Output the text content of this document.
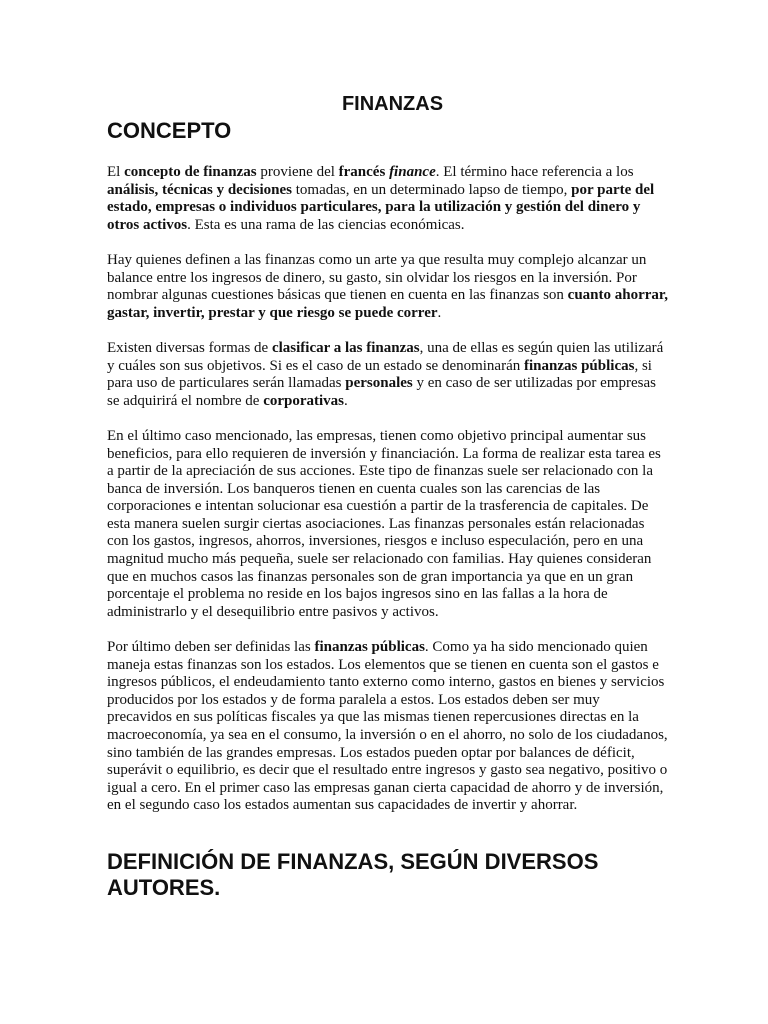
FINANZAS
CONCEPTO

El concepto de finanzas proviene del francés finance. El término hace referencia a los análisis, técnicas y decisiones tomadas, en un determinado lapso de tiempo, por parte del estado, empresas o individuos particulares, para la utilización y gestión del dinero y otros activos. Esta es una rama de las ciencias económicas.

Hay quienes definen a las finanzas como un arte ya que resulta muy complejo alcanzar un balance entre los ingresos de dinero, su gasto, sin olvidar los riesgos en la inversión. Por nombrar algunas cuestiones básicas que tienen en cuenta en las finanzas son cuanto ahorrar, gastar, invertir, prestar y que riesgo se puede correr.

Existen diversas formas de clasificar a las finanzas, una de ellas es según quien las utilizará y cuáles son sus objetivos. Si es el caso de un estado se denominarán finanzas públicas, si para uso de particulares serán llamadas personales y en caso de ser utilizadas por empresas se adquirirá el nombre de corporativas.

En el último caso mencionado, las empresas, tienen como objetivo principal aumentar sus beneficios, para ello requieren de inversión y financiación. La forma de realizar esta tarea es a partir de la apreciación de sus acciones. Este tipo de finanzas suele ser relacionado con la banca de inversión. Los banqueros tienen en cuenta cuales son las carencias de las corporaciones e intentan solucionar esa cuestión a partir de la trasferencia de capitales. De esta manera suelen surgir ciertas asociaciones. Las finanzas personales están relacionadas con los gastos, ingresos, ahorros, inversiones, riesgos e incluso especulación, pero en una magnitud mucho más pequeña, suele ser relacionado con familias. Hay quienes consideran que en muchos casos las finanzas personales son de gran importancia ya que en un gran porcentaje el problema no reside en los bajos ingresos sino en las fallas a la hora de administrarlo y el desequilibrio entre pasivos y activos.

Por último deben ser definidas las finanzas públicas. Como ya ha sido mencionado quien maneja estas finanzas son los estados. Los elementos que se tienen en cuenta son el gastos e ingresos públicos, el endeudamiento tanto externo como interno, gastos en bienes y servicios producidos por los estados y de forma paralela a estos. Los estados deben ser muy precavidos en sus políticas fiscales ya que las mismas tienen repercusiones directas en la macroeconomía, ya sea en el consumo, la inversión o en el ahorro, no solo de los ciudadanos, sino también de las grandes empresas. Los estados pueden optar por balances de déficit, superávit o equilibrio, es decir que el resultado entre ingresos y gasto sea negativo, positivo o igual a cero. En el primer caso las empresas ganan cierta capacidad de ahorro y de inversión, en el segundo caso los estados aumentan sus capacidades de invertir y ahorrar.

DEFINICIÓN DE FINANZAS, SEGÚN DIVERSOS AUTORES.
